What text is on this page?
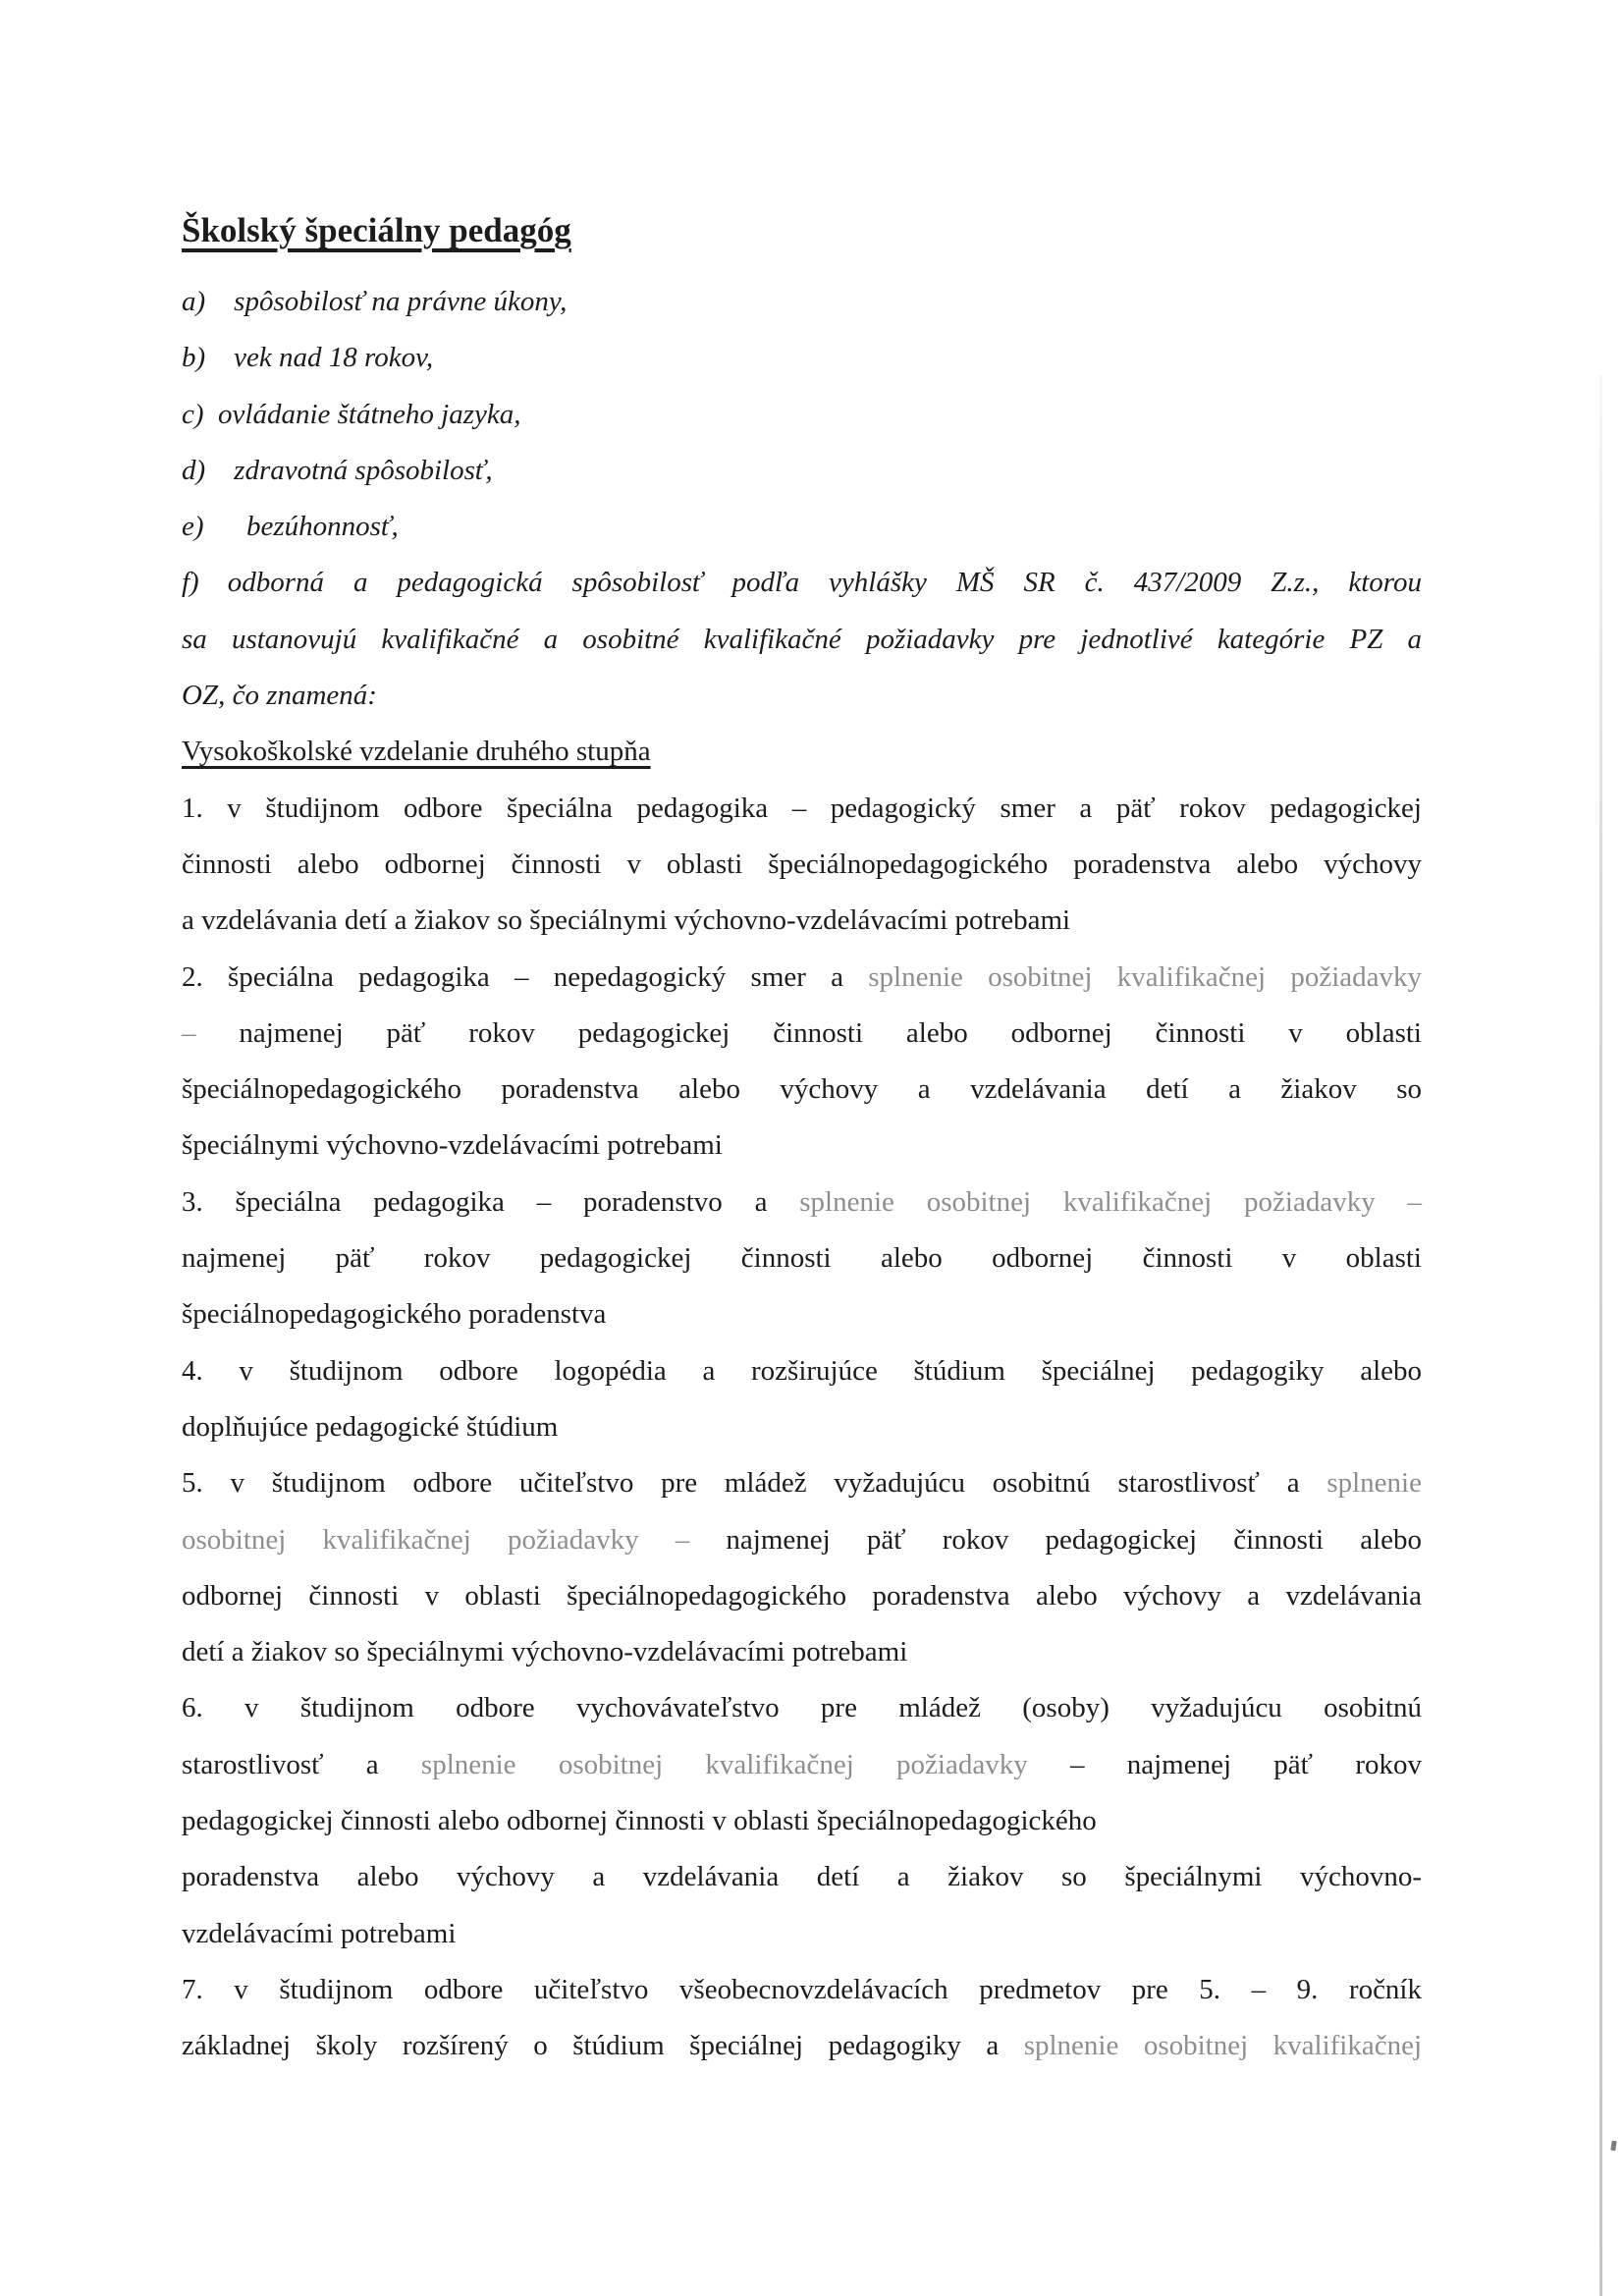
Školský špeciálny pedagóg
a)  spôsobilosť na právne úkony,
b)  vek nad 18 rokov,
c) ovládanie štátneho jazyka,
d)  zdravotná spôsobilosť,
e)   bezúhonnosť,
f)  odborná a pedagogická spôsobilosť podľa vyhlášky MŠ SR č. 437/2009 Z.z., ktorou
sa ustanovujú kvalifikačné a osobitné kvalifikačné požiadavky pre jednotlivé kategórie PZ a
OZ, čo znamená:
Vysokoškolské vzdelanie druhého stupňa
1. v študijnom odbore špeciálna pedagogika – pedagogický smer a päť rokov pedagogickej
činnosti alebo odbornej činnosti v oblasti špeciálnopedagogického poradenstva alebo výchovy
a vzdelávania detí a žiakov so špeciálnymi výchovno-vzdelávacími potrebami
2. špeciálna pedagogika – nepedagogický smer a splnenie osobitnej kvalifikačnej požiadavky
– najmenej päť rokov pedagogickej činnosti alebo odbornej činnosti v oblasti
špeciálnopedagogického poradenstva alebo výchovy a vzdelávania detí a žiakov so
špeciálnymi výchovno-vzdelávacími potrebami
3. špeciálna pedagogika – poradenstvo a splnenie osobitnej kvalifikačnej požiadavky –
najmenej päť rokov pedagogickej činnosti alebo odbornej činnosti v oblasti
špeciálnopedagogického poradenstva
4. v študijnom odbore logopédia a rozširujúce štúdium špeciálnej pedagogiky alebo
doplňujúce pedagogické štúdium
5. v študijnom odbore učiteľstvo pre mládež vyžadujúcu osobitnú starostlivosť a splnenie
osobitnej kvalifikačnej požiadavky – najmenej päť rokov pedagogickej činnosti alebo
odbornej činnosti v oblasti špeciálnopedagogického poradenstva alebo výchovy a vzdelávania
detí a žiakov so špeciálnymi výchovno-vzdelávacími potrebami
6. v študijnom odbore vychovávateľstvo pre mládež (osoby) vyžadujúcu osobitnú
starostlivosť a splnenie osobitnej kvalifikačnej požiadavky – najmenej päť rokov
pedagogickej činnosti alebo odbornej činnosti v oblasti špeciálnopedagogického
poradenstva alebo výchovy a vzdelávania detí a žiakov so špeciálnymi výchovno-
vzdelávacími potrebami
7. v študijnom odbore učiteľstvo všeobecnovzdelávacích predmetov pre 5. – 9. ročník
základnej školy rozšírený o štúdium špeciálnej pedagogiky a splnenie osobitnej kvalifikačnej
